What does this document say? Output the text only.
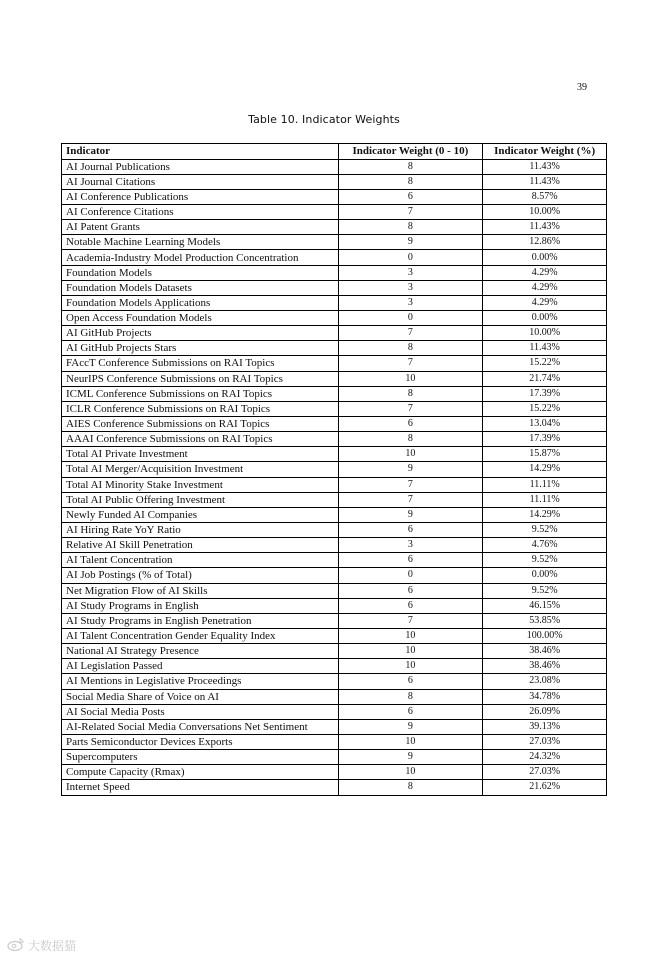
39
Table 10. Indicator Weights
Indicator	Indicator Weight (0 - 10)	Indicator Weight (%)
AI Journal Publications	8	11.43%
AI Journal Citations	8	11.43%
AI Conference Publications	6	8.57%
AI Conference Citations	7	10.00%
AI Patent Grants	8	11.43%
Notable Machine Learning Models	9	12.86%
Academia-Industry Model Production Concentration	0	0.00%
Foundation Models	3	4.29%
Foundation Models Datasets	3	4.29%
Foundation Models Applications	3	4.29%
Open Access Foundation Models	0	0.00%
AI GitHub Projects	7	10.00%
AI GitHub Projects Stars	8	11.43%
FAccT Conference Submissions on RAI Topics	7	15.22%
NeurIPS Conference Submissions on RAI Topics	10	21.74%
ICML Conference Submissions on RAI Topics	8	17.39%
ICLR Conference Submissions on RAI Topics	7	15.22%
AIES Conference Submissions on RAI Topics	6	13.04%
AAAI Conference Submissions on RAI Topics	8	17.39%
Total AI Private Investment	10	15.87%
Total AI Merger/Acquisition Investment	9	14.29%
Total AI Minority Stake Investment	7	11.11%
Total AI Public Offering Investment	7	11.11%
Newly Funded AI Companies	9	14.29%
AI Hiring Rate YoY Ratio	6	9.52%
Relative AI Skill Penetration	3	4.76%
AI Talent Concentration	6	9.52%
AI Job Postings (% of Total)	0	0.00%
Net Migration Flow of AI Skills	6	9.52%
AI Study Programs in English	6	46.15%
AI Study Programs in English Penetration	7	53.85%
AI Talent Concentration Gender Equality Index	10	100.00%
National AI Strategy Presence	10	38.46%
AI Legislation Passed	10	38.46%
AI Mentions in Legislative Proceedings	6	23.08%
Social Media Share of Voice on AI	8	34.78%
AI Social Media Posts	6	26.09%
AI-Related Social Media Conversations Net Sentiment	9	39.13%
Parts Semiconductor Devices Exports	10	27.03%
Supercomputers	9	24.32%
Compute Capacity (Rmax)	10	27.03%
Internet Speed	8	21.62%
大数据猫
